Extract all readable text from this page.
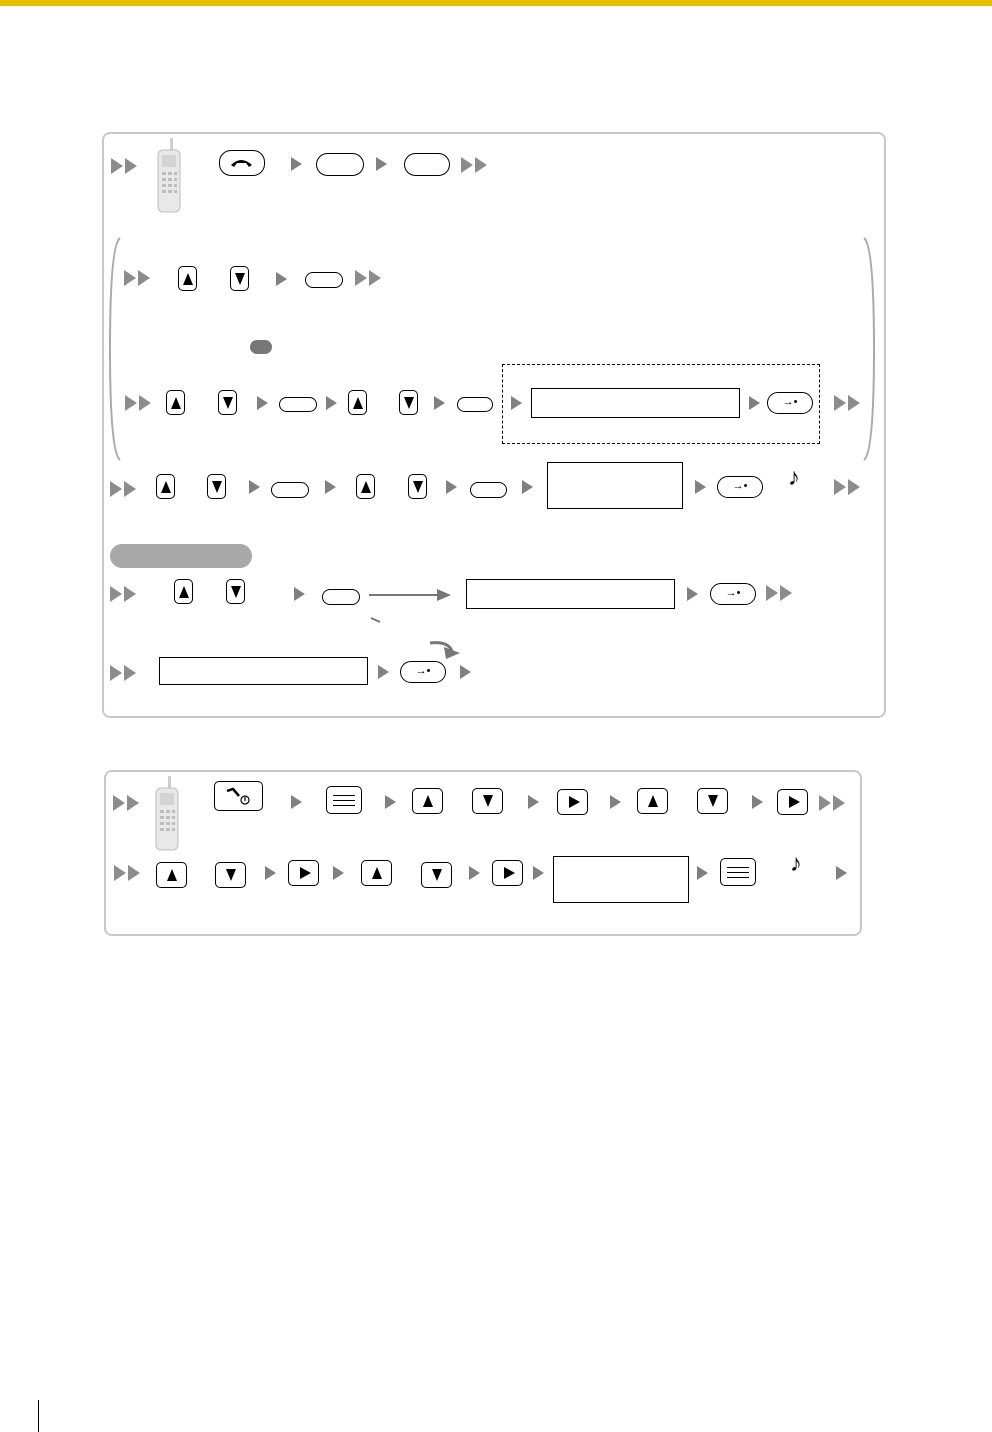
→•
→•	♪
→•
→•
♪
